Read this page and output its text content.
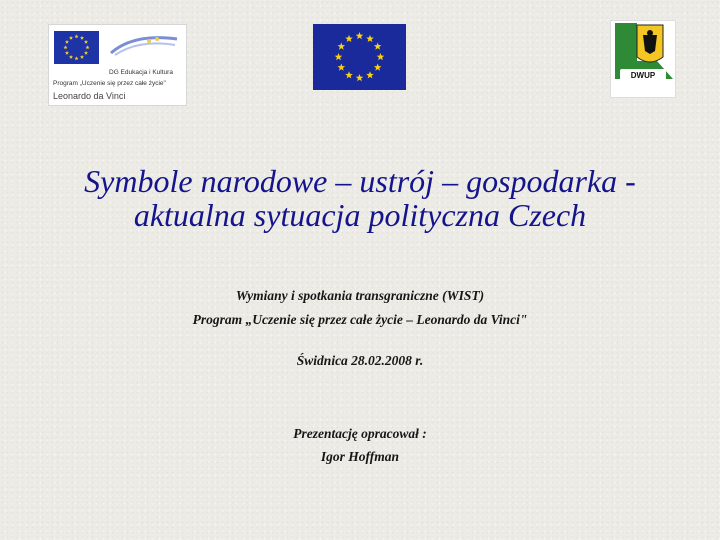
DG Edukacja i Kultura
Program „Uczenie się przez całe życie"
Leonardo da Vinci
DWUP
Symbole narodowe – ustrój – gospodarka -
aktualna sytuacja polityczna Czech
Wymiany i spotkania transgraniczne (WIST)
Program „Uczenie się przez całe życie – Leonardo da Vinci"
Świdnica 28.02.2008 r.
Prezentację opracował :
Igor Hoffman
